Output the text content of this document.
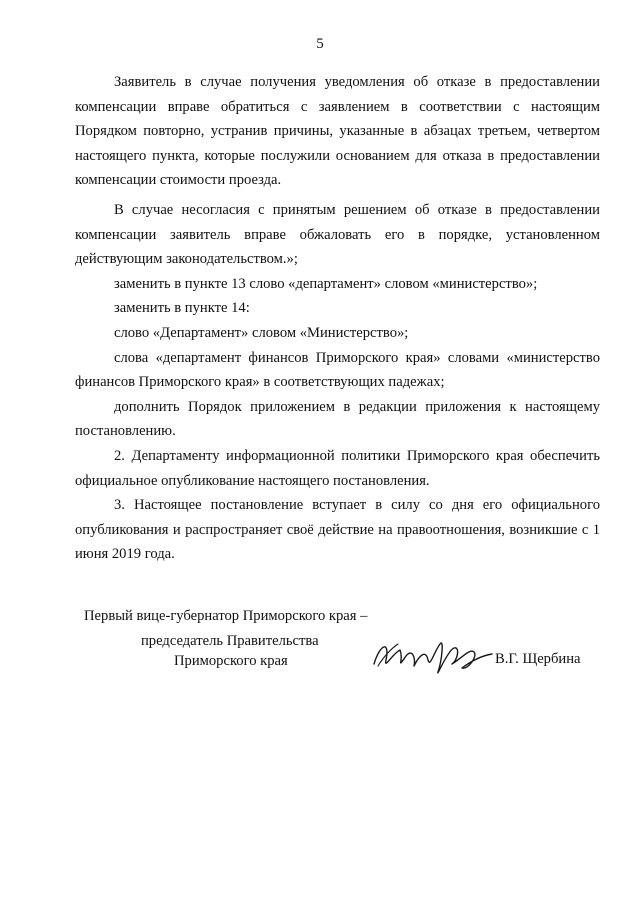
5

Заявитель в случае получения уведомления об отказе в предоставлении компенсации вправе обратиться с заявлением в соответствии с настоящим Порядком повторно, устранив причины, указанные в абзацах третьем, четвертом настоящего пункта, которые послужили основанием для отказа в предоставлении компенсации стоимости проезда.

В случае несогласия с принятым решением об отказе в предоставлении компенсации заявитель вправе обжаловать его в порядке, установленном действующим законодательством.»;

заменить в пункте 13 слово «департамент» словом «министерство»;

заменить в пункте 14:

слово «Департамент» словом «Министерство»;

слова «департамент финансов Приморского края» словами «министерство финансов Приморского края» в соответствующих падежах;

дополнить Порядок приложением в редакции приложения к настоящему постановлению.

2. Департаменту информационной политики Приморского края обеспечить официальное опубликование настоящего постановления.

3. Настоящее постановление вступает в силу со дня его официального опубликования и распространяет своё действие на правоотношения, возникшие с 1 июня 2019 года.

Первый вице-губернатор Приморского края –
председатель Правительства
Приморского края	В.Г. Щербина
